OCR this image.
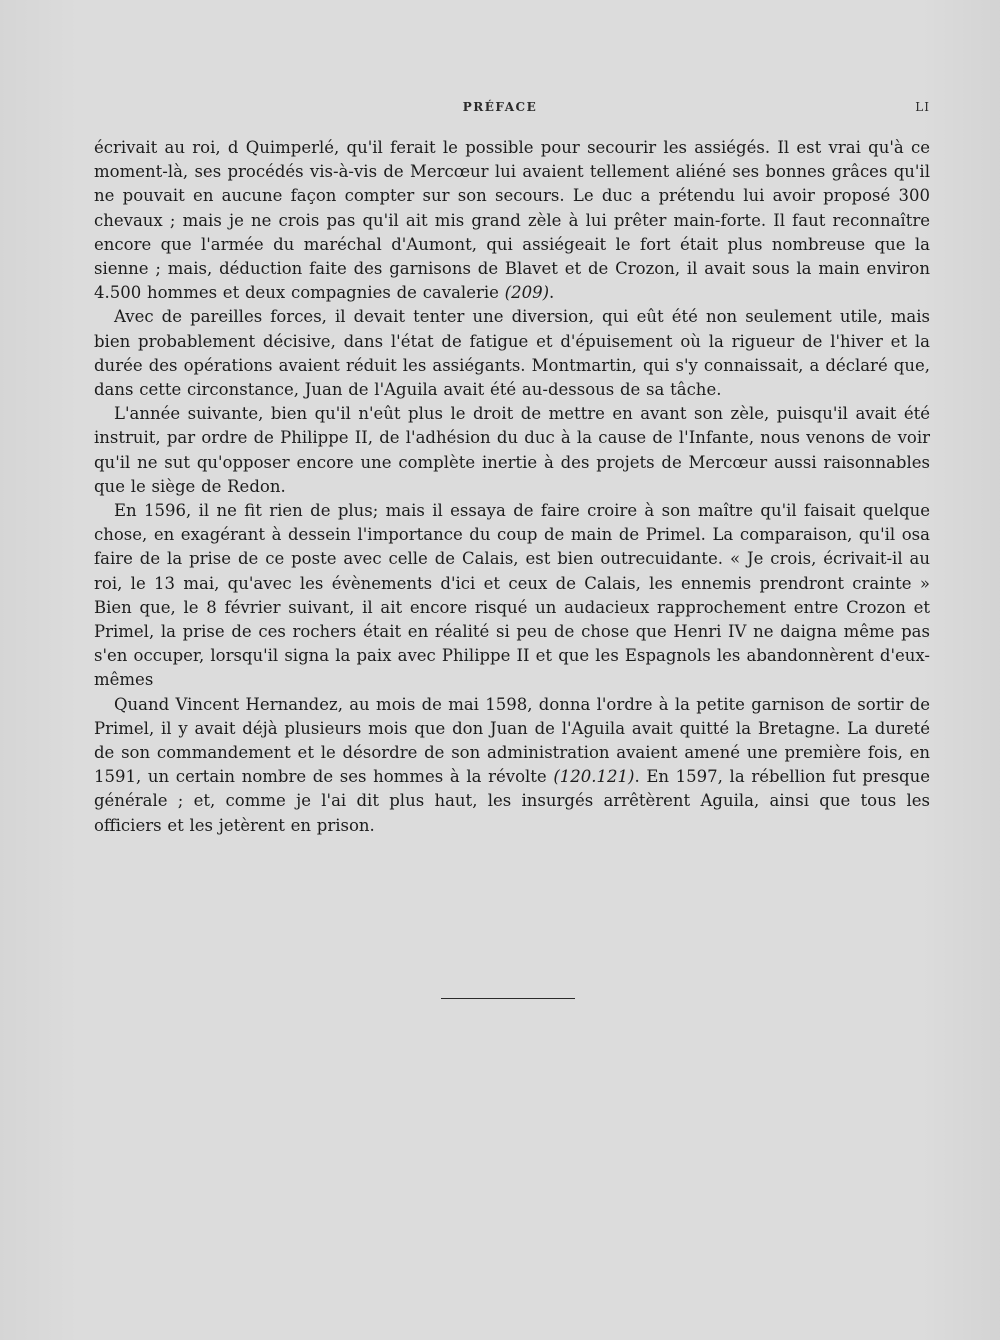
PRÉFACE	LI

écrivait au roi, d Quimperlé, qu'il ferait le possible pour secourir les assiégés. Il est vrai qu'à ce moment-là, ses procédés vis-à-vis de Mercœur lui avaient tellement aliéné ses bonnes grâces qu'il ne pouvait en aucune façon compter sur son secours. Le duc a prétendu lui avoir proposé 300 chevaux ; mais je ne crois pas qu'il ait mis grand zèle à lui prêter main-forte. Il faut reconnaître encore que l'armée du maréchal d'Aumont, qui assiégeait le fort était plus nombreuse que la sienne ; mais, déduction faite des garnisons de Blavet et de Crozon, il avait sous la main environ 4.500 hommes et deux compagnies de cavalerie (209).

Avec de pareilles forces, il devait tenter une diversion, qui eût été non seulement utile, mais bien probablement décisive, dans l'état de fatigue et d'épuisement où la rigueur de l'hiver et la durée des opérations avaient réduit les assiégants. Montmartin, qui s'y connaissait, a déclaré que, dans cette circonstance, Juan de l'Aguila avait été au-dessous de sa tâche.

L'année suivante, bien qu'il n'eût plus le droit de mettre en avant son zèle, puisqu'il avait été instruit, par ordre de Philippe II, de l'adhésion du duc à la cause de l'Infante, nous venons de voir qu'il ne sut qu'opposer encore une complète inertie à des projets de Mercœur aussi raisonnables que le siège de Redon.

En 1596, il ne fit rien de plus; mais il essaya de faire croire à son maître qu'il faisait quelque chose, en exagérant à dessein l'importance du coup de main de Primel. La comparaison, qu'il osa faire de la prise de ce poste avec celle de Calais, est bien outrecuidante. « Je crois, écrivait-il au roi, le 13 mai, qu'avec les évènements d'ici et ceux de Calais, les ennemis prendront crainte » Bien que, le 8 février suivant, il ait encore risqué un audacieux rapprochement entre Crozon et Primel, la prise de ces rochers était en réalité si peu de chose que Henri IV ne daigna même pas s'en occuper, lorsqu'il signa la paix avec Philippe II et que les Espagnols les abandonnèrent d'eux-mêmes

Quand Vincent Hernandez, au mois de mai 1598, donna l'ordre à la petite garnison de sortir de Primel, il y avait déjà plusieurs mois que don Juan de l'Aguila avait quitté la Bretagne. La dureté de son commandement et le désordre de son administration avaient amené une première fois, en 1591, un certain nombre de ses hommes à la révolte (120.121). En 1597, la rébellion fut presque générale ; et, comme je l'ai dit plus haut, les insurgés arrêtèrent Aguila, ainsi que tous les officiers et les jetèrent en prison.
